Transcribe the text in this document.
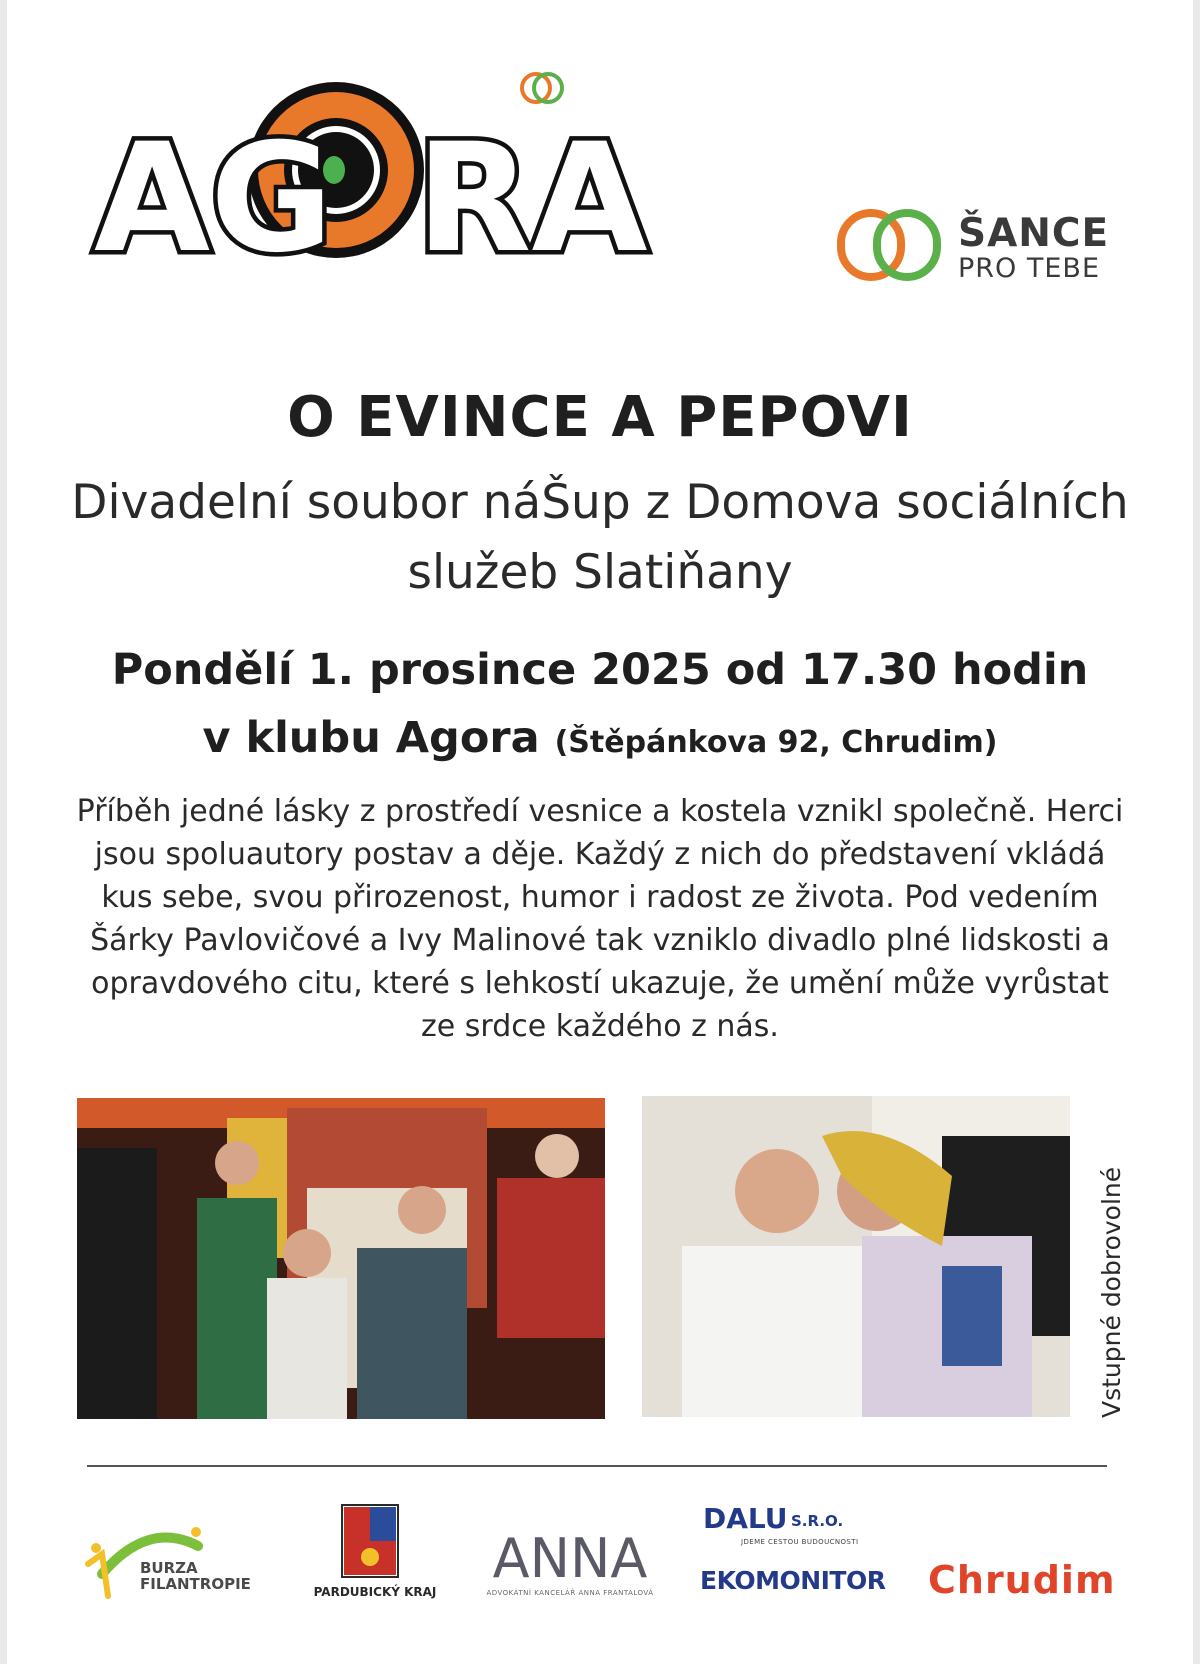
AG RA	ŠANCE
PRO TEBE
O EVINCE A PEPOVI
Divadelní soubor náŠup z Domova sociálních služeb Slatiňany
Pondělí 1. prosince 2025 od 17.30 hodin
v klubu Agora (Štěpánkova 92, Chrudim)
Příběh jedné lásky z prostředí vesnice a kostela vznikl společně. Herci jsou spoluautory postav a děje. Každý z nich do představení vkládá kus sebe, svou přirozenost, humor i radost ze života. Pod vedením Šárky Pavlovičové a Ivy Malinové tak vzniklo divadlo plné lidskosti a opravdového citu, které s lehkostí ukazuje, že umění může vyrůstat ze srdce každého z nás.
Vstupné dobrovolné
BURZA FILANTROPIE	PARDUBICKÝ KRAJ
ANNA
ADVOKÁTNÍ KANCELÁŘ ANNA FRANTALOVÁ
DALU S.R.O.
JDEME CESTOU BUDOUCNOSTI
EKOMONITOR Chrudim
